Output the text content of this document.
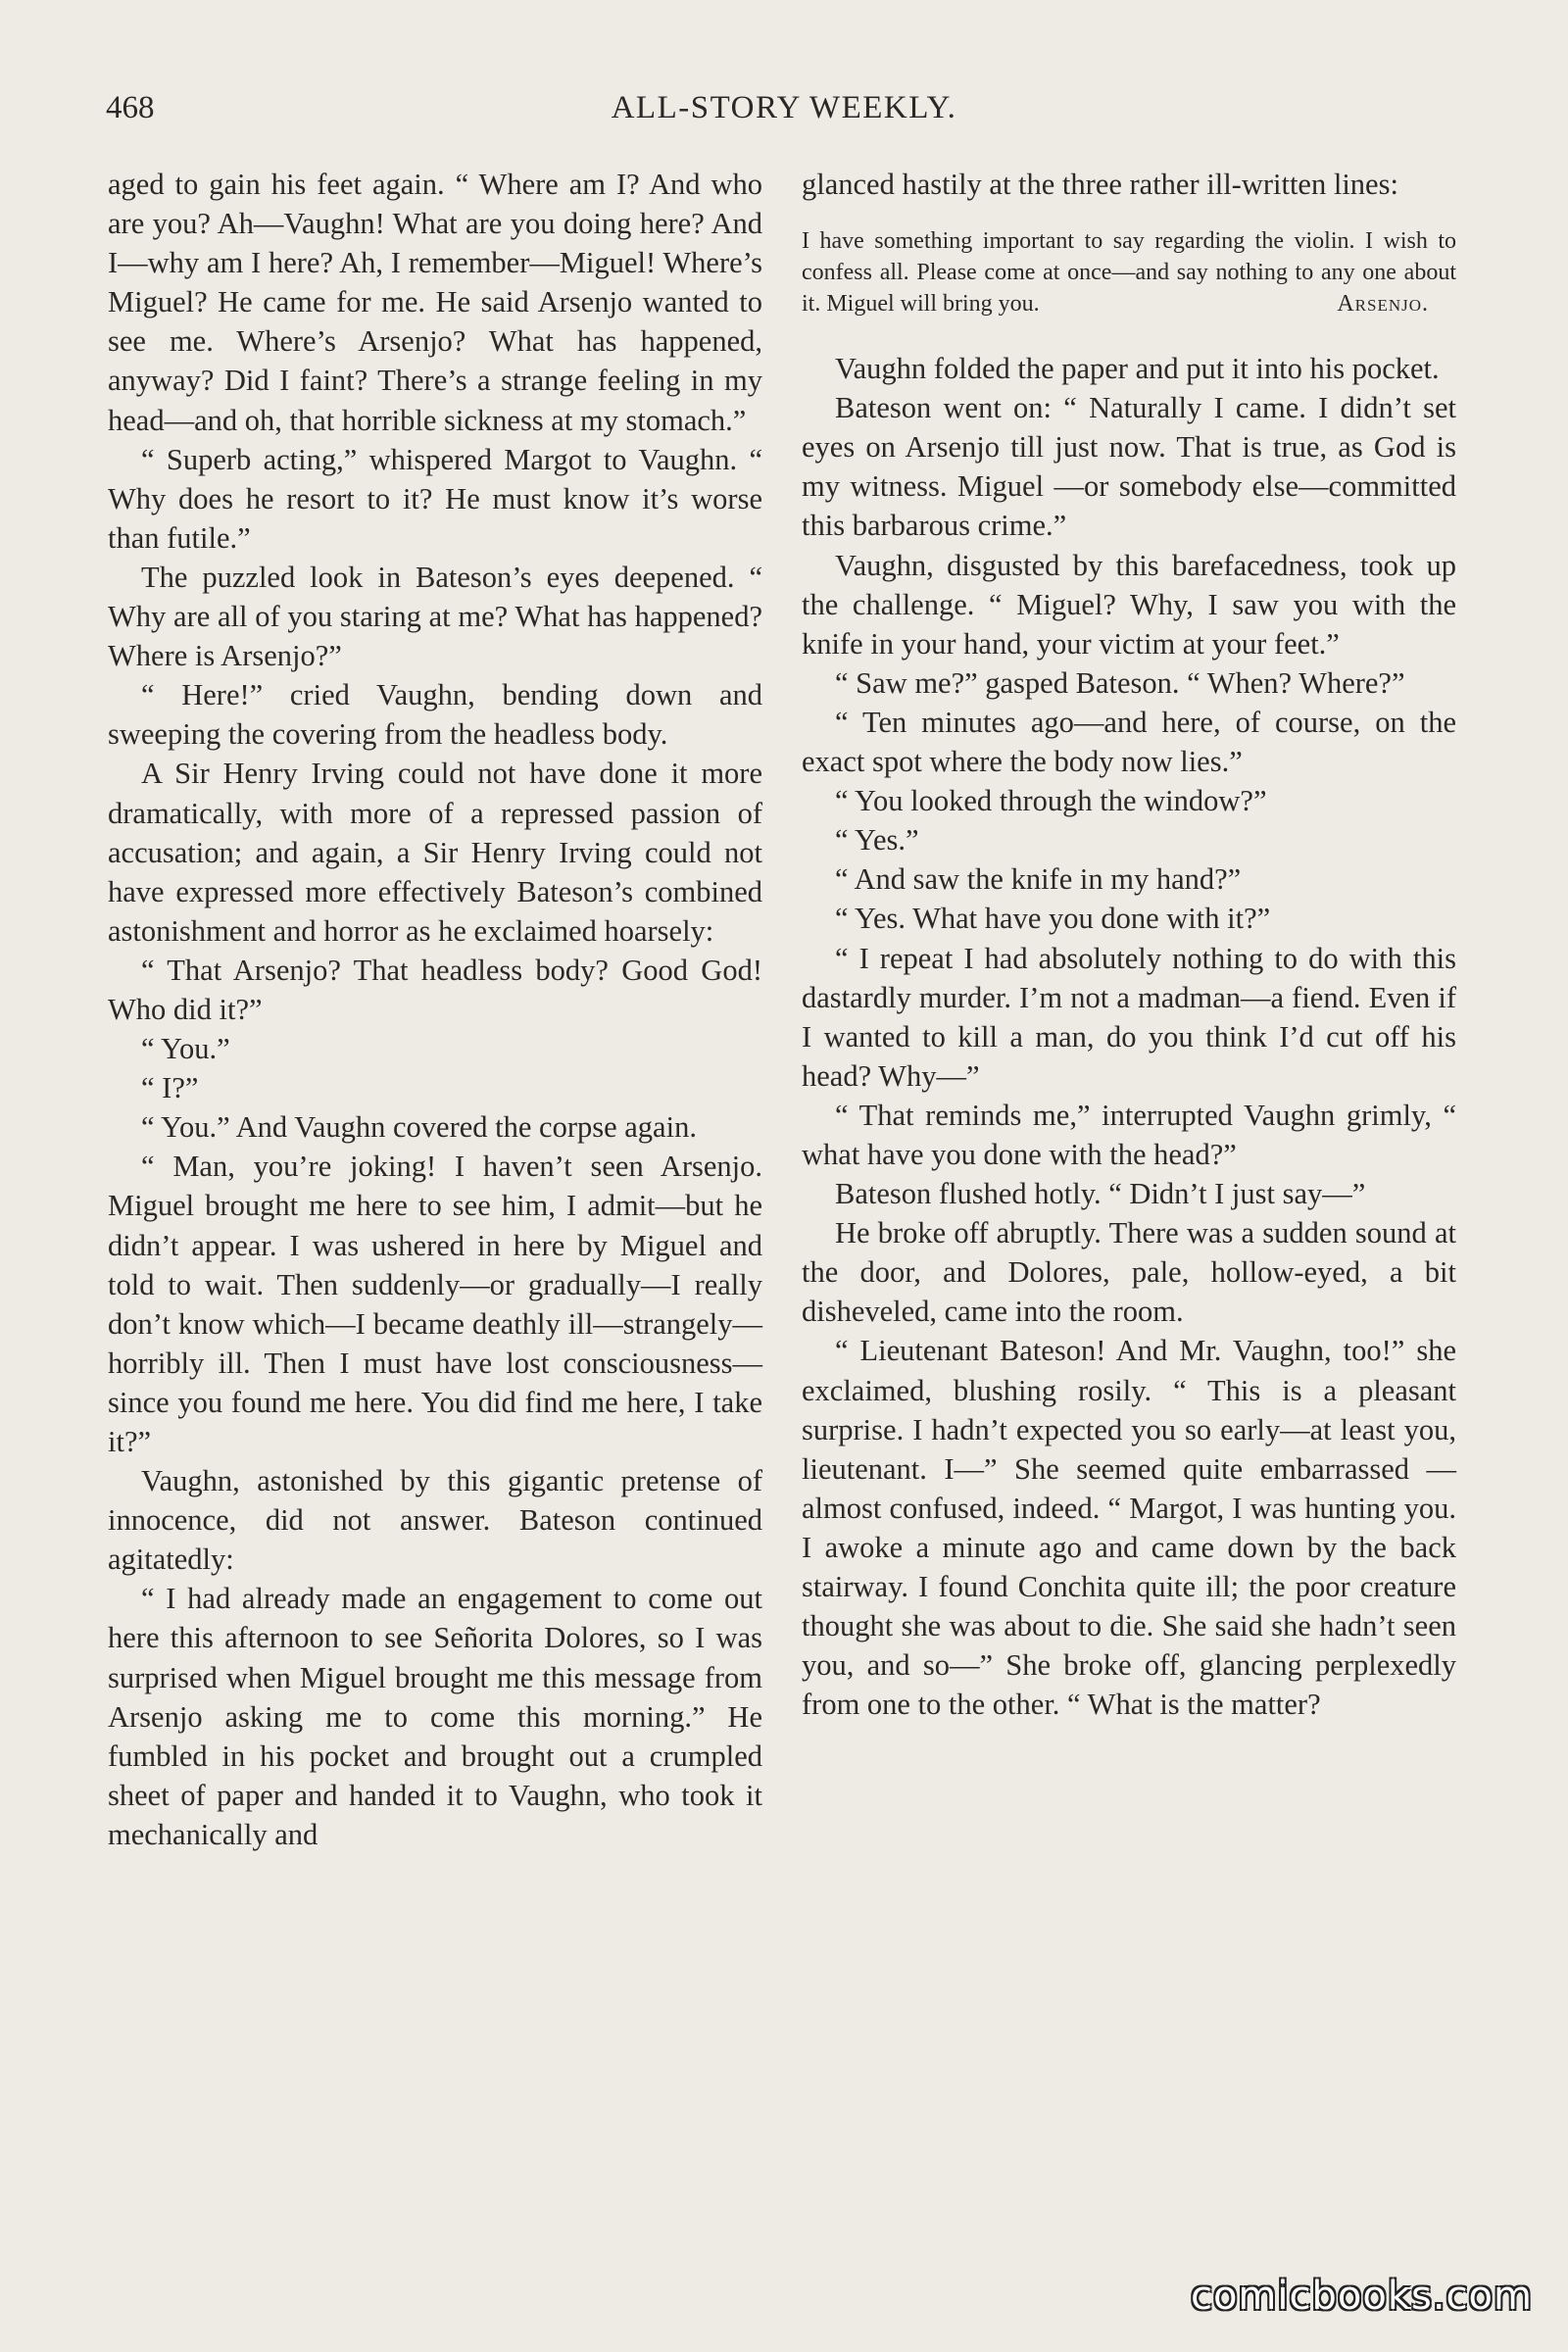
468	ALL-STORY WEEKLY.

aged to gain his feet again. “ Where am I? And who are you? Ah—Vaughn! What are you doing here? And I—why am I here? Ah, I remember—Miguel! Where’s Miguel? He came for me. He said Arsenjo wanted to see me. Where’s Arsenjo? What has happened, anyway? Did I faint? There’s a strange feeling in my head—and oh, that horrible sickness at my stomach.”

“ Superb acting,” whispered Margot to Vaughn. “ Why does he resort to it? He must know it’s worse than futile.”

The puzzled look in Bateson’s eyes deepened. “ Why are all of you staring at me? What has happened? Where is Arsenjo?”

“ Here!” cried Vaughn, bending down and sweeping the covering from the headless body.

A Sir Henry Irving could not have done it more dramatically, with more of a repressed passion of accusation; and again, a Sir Henry Irving could not have expressed more effectively Bateson’s combined astonishment and horror as he exclaimed hoarsely:

“ That Arsenjo? That headless body? Good God! Who did it?”

“ You.”

“ I?”

“ You.” And Vaughn covered the corpse again.

“ Man, you’re joking! I haven’t seen Arsenjo. Miguel brought me here to see him, I admit—but he didn’t appear. I was ushered in here by Miguel and told to wait. Then suddenly—or gradually—I really don’t know which—I became deathly ill—strangely—horribly ill. Then I must have lost consciousness—since you found me here. You did find me here, I take it?”

Vaughn, astonished by this gigantic pretense of innocence, did not answer. Bateson continued agitatedly:

“ I had already made an engagement to come out here this afternoon to see Señorita Dolores, so I was surprised when Miguel brought me this message from Arsenjo asking me to come this morning.” He fumbled in his pocket and brought out a crumpled sheet of paper and handed it to Vaughn, who took it mechanically and

glanced hastily at the three rather ill-written lines:

I have something important to say regarding the violin. I wish to confess all. Please come at once—and say nothing to any one about it. Miguel will bring you.	Arsenjo.

Vaughn folded the paper and put it into his pocket.

Bateson went on: “ Naturally I came. I didn’t set eyes on Arsenjo till just now. That is true, as God is my witness. Miguel —or somebody else—committed this barbarous crime.”

Vaughn, disgusted by this barefacedness, took up the challenge. “ Miguel? Why, I saw you with the knife in your hand, your victim at your feet.”

“ Saw me?” gasped Bateson. “ When? Where?”

“ Ten minutes ago—and here, of course, on the exact spot where the body now lies.”

“ You looked through the window?”

“ Yes.”

“ And saw the knife in my hand?”

“ Yes. What have you done with it?”

“ I repeat I had absolutely nothing to do with this dastardly murder. I’m not a madman—a fiend. Even if I wanted to kill a man, do you think I’d cut off his head? Why—”

“ That reminds me,” interrupted Vaughn grimly, “ what have you done with the head?”

Bateson flushed hotly. “ Didn’t I just say—”

He broke off abruptly. There was a sudden sound at the door, and Dolores, pale, hollow-eyed, a bit disheveled, came into the room.

“ Lieutenant Bateson! And Mr. Vaughn, too!” she exclaimed, blushing rosily. “ This is a pleasant surprise. I hadn’t expected you so early—at least you, lieutenant. I—” She seemed quite embarrassed — almost confused, indeed. “ Margot, I was hunting you. I awoke a minute ago and came down by the back stairway. I found Conchita quite ill; the poor creature thought she was about to die. She said she hadn’t seen you, and so—” She broke off, glancing perplexedly from one to the other. “ What is the matter?

comicbooks.com
